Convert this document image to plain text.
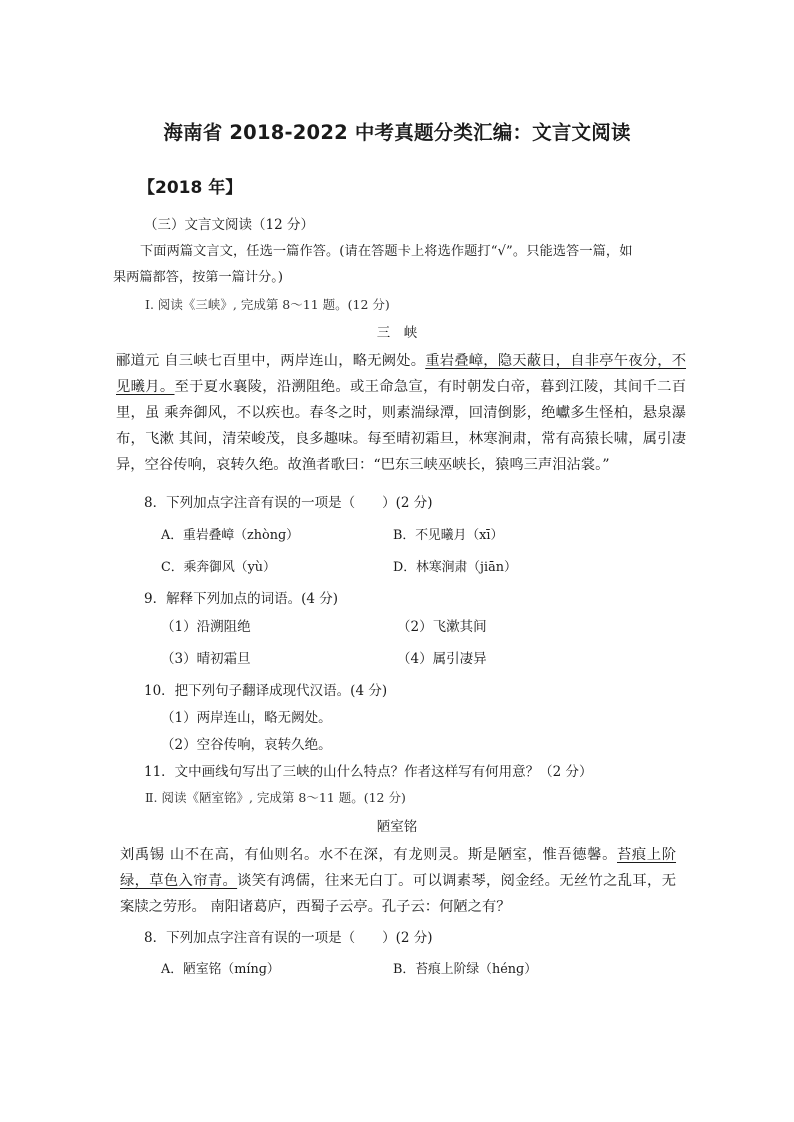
海南省 2018-2022 中考真题分类汇编：文言文阅读
【2018 年】
（三）文言文阅读（12 分）
下面两篇文言文，任选一篇作答。(请在答题卡上将选作题打“√”。只能选答一篇，如
果两篇都答，按第一篇计分。)
Ⅰ. 阅读《三峡》, 完成第 8～11 题。(12 分)
三　峡
郦道元 自三峡七百里中，两岸连山，略无阙处。重岩叠嶂，隐天蔽日，自非亭午夜分，不见曦月。至于夏水襄陵，沿溯阻绝。或王命急宣，有时朝发白帝，暮到江陵，其间千二百里，虽 乘奔御风，不以疾也。春冬之时，则素湍绿潭，回清倒影，绝巘多生怪柏，悬泉瀑布，飞漱 其间，清荣峻茂，良多趣味。每至晴初霜旦，林寒涧肃，常有高猿长啸，属引凄异，空谷传响，哀转久绝。故渔者歌曰：“巴东三峡巫峡长，猿鸣三声泪沾裳。”
8．下列加点字注音有误的一项是（　　）(2 分)
A．重岩叠嶂（zhònɡ）	B．不见曦月（xī）
C．乘奔御风（yù）	D．林寒涧肃（jiān）
9．解释下列加点的词语。(4 分)
（1）沿溯阻绝	（2）飞漱其间
（3）晴初霜旦	（4）属引凄异
10．把下列句子翻译成现代汉语。(4 分)
（1）两岸连山，略无阙处。
（2）空谷传响，哀转久绝。
11．文中画线句写出了三峡的山什么特点？作者这样写有何用意？（2 分）
Ⅱ. 阅读《陋室铭》, 完成第 8～11 题。(12 分)
陋室铭
刘禹锡 山不在高，有仙则名。水不在深，有龙则灵。斯是陋室，惟吾德馨。苔痕上阶绿，草色入帘青。谈笑有鸿儒，往来无白丁。可以调素琴，阅金经。无丝竹之乱耳，无案牍之劳形。 南阳诸葛庐，西蜀子云亭。孔子云：何陋之有？
8．下列加点字注音有误的一项是（　　）(2 分)
A．陋室铭（mínɡ）	B．苔痕上阶绿（hénɡ）
